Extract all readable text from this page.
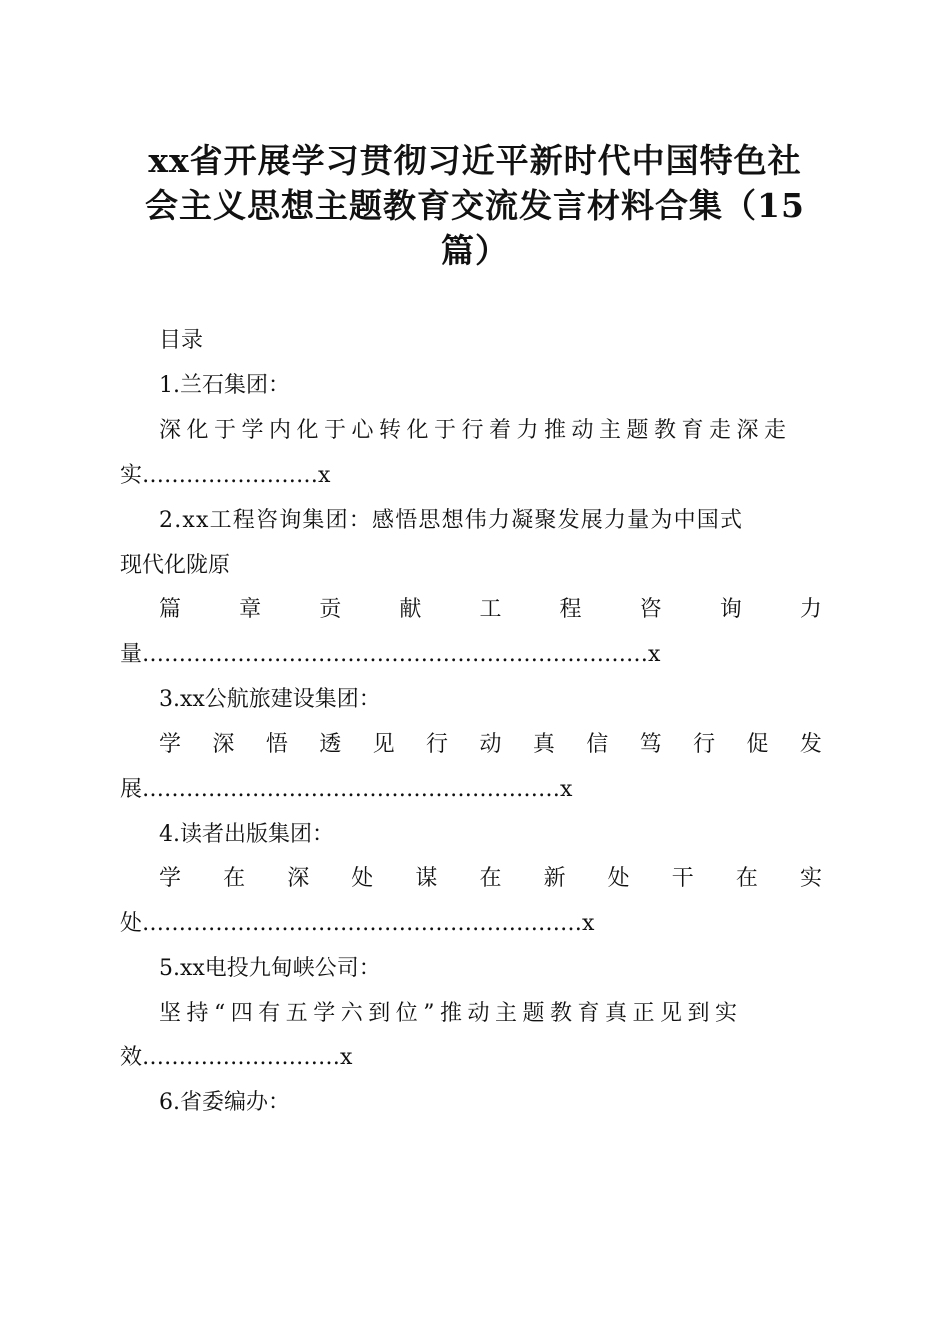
xx省开展学习贯彻习近平新时代中国特色社
会主义思想主题教育交流发言材料合集（15
篇）
目录
1.兰石集团：
深化于学内化于心转化于行着力推动主题教育走深走
实……………………x
2.xx工程咨询集团：感悟思想伟力凝聚发展力量为中国式
现代化陇原
篇	章	贡	献	工	程	咨	询	力
量……………………………………………………………x
3.xx公航旅建设集团：
学 深 悟 透 见 行 动 真 信 笃 行 促 发
展…………………………………………………x
4.读者出版集团：
学 在 深 处 谋 在 新 处 干 在 实
处……………………………………………………x
5.xx电投九甸峡公司：
坚持“四有五学六到位”推动主题教育真正见到实
效………………………x
6.省委编办：
